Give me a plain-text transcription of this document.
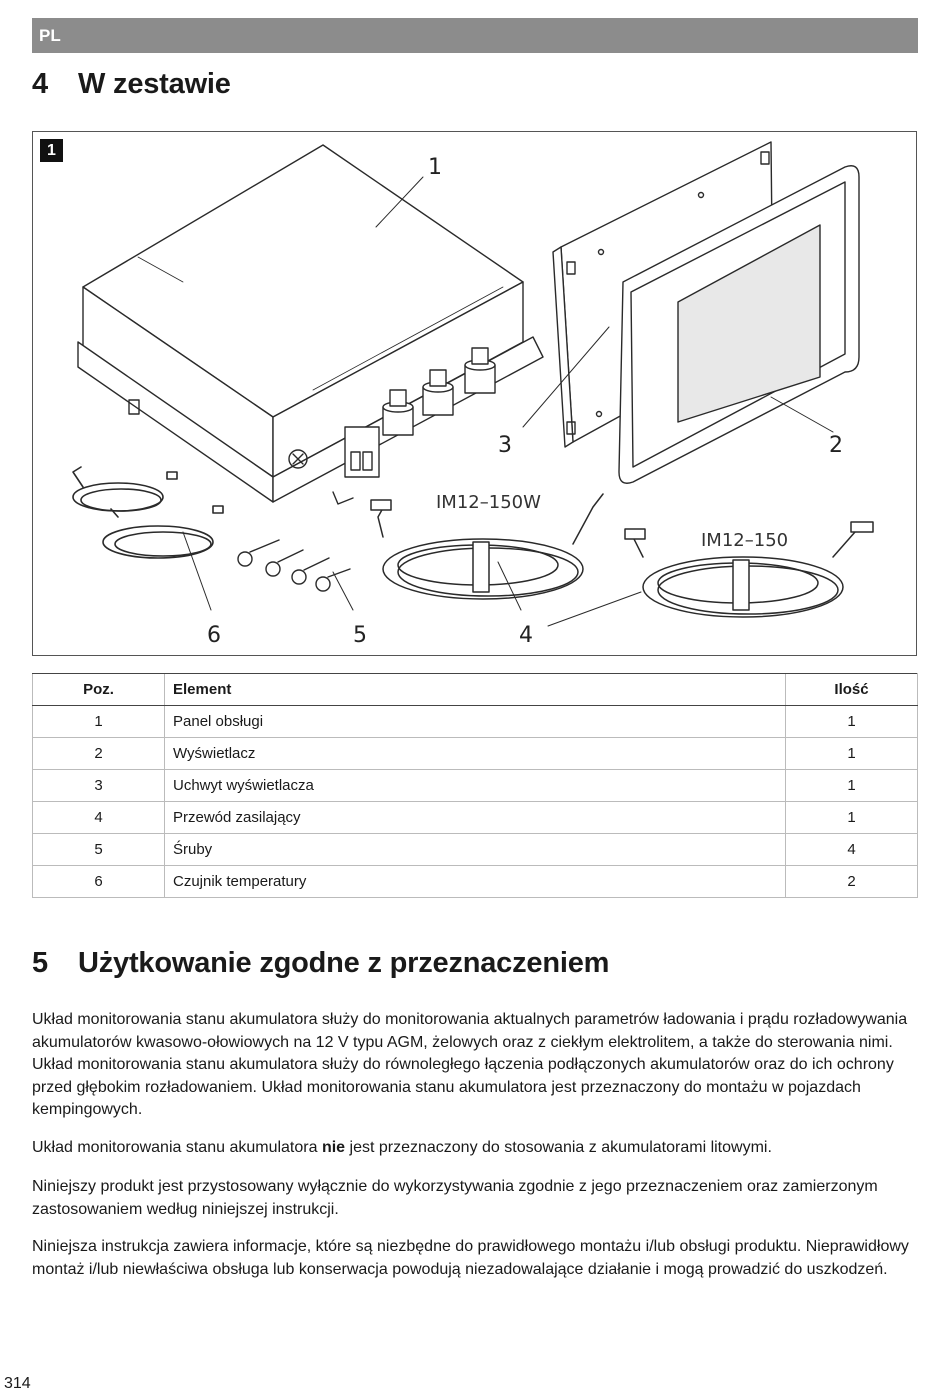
PL
4 W zestawie
1
1
2
3
4
5
6
IM12–150W
IM12–150
Poz.	Element	Ilość
1	Panel obsługi	1
2	Wyświetlacz	1
3	Uchwyt wyświetlacza	1
4	Przewód zasilający	1
5	Śruby	4
6	Czujnik temperatury	2
5 Użytkowanie zgodne z przeznaczeniem

Układ monitorowania stanu akumulatora służy do monitorowania aktualnych parametrów ładowania i prądu rozładowywania akumulatorów kwasowo-ołowiowych na 12 V typu AGM, żelowych oraz z ciekłym elektrolitem, a także do sterowania nimi. Układ monitorowania stanu akumulatora służy do równoległego łączenia podłączonych akumulatorów oraz do ich ochrony przed głębokim rozładowaniem. Układ monitorowania stanu akumulatora jest przeznaczony do montażu w pojazdach kempingowych.

Układ monitorowania stanu akumulatora nie jest przeznaczony do stosowania z akumulatorami litowymi.

Niniejszy produkt jest przystosowany wyłącznie do wykorzystywania zgodnie z jego przeznaczeniem oraz zamierzonym zastosowaniem według niniejszej instrukcji.

Niniejsza instrukcja zawiera informacje, które są niezbędne do prawidłowego montażu i/lub obsługi produktu. Nieprawidłowy montaż i/lub niewłaściwa obsługa lub konserwacja powodują niezadowalające działanie i mogą prowadzić do uszkodzeń.

314
